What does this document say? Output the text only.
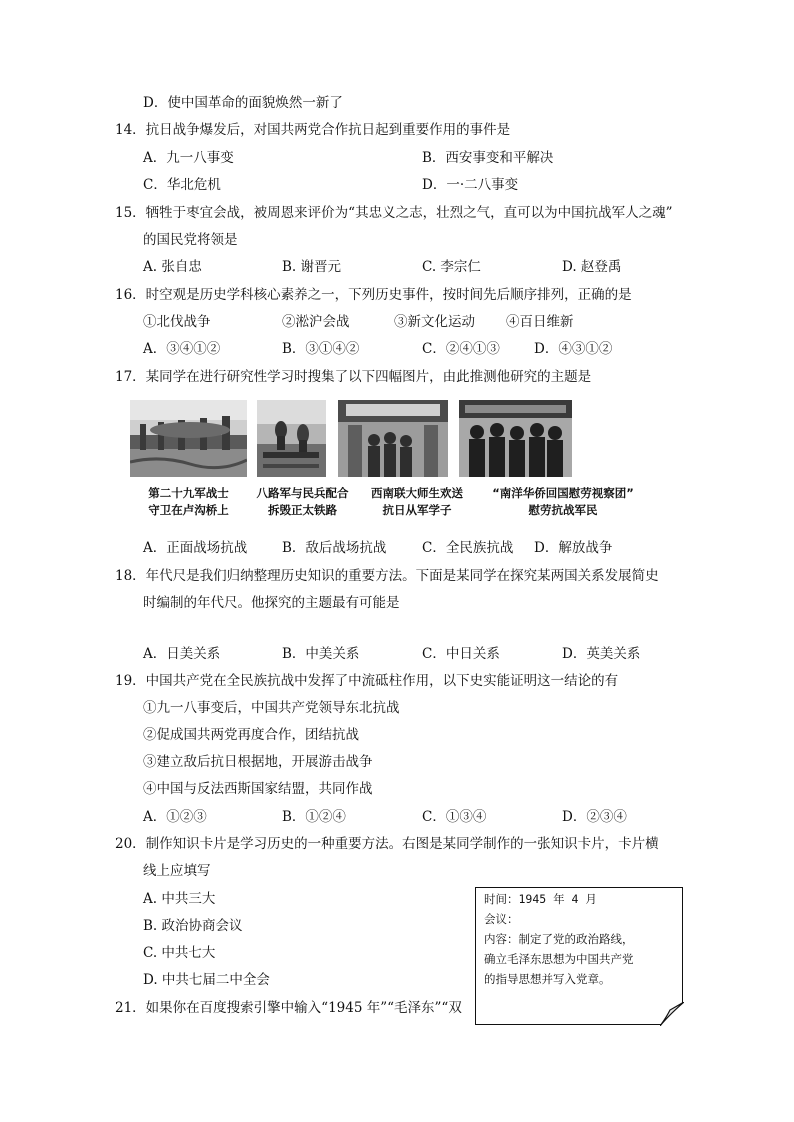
D．使中国革命的面貌焕然一新了
14．抗日战争爆发后，对国共两党合作抗日起到重要作用的事件是
A．九一八事变	B．西安事变和平解决
C．华北危机	D．一·二八事变
15．牺牲于枣宜会战，被周恩来评价为“其忠义之志，壮烈之气，直可以为中国抗战军人之魂”
的国民党将领是
A. 张自忠	B. 谢晋元	C. 李宗仁	D. 赵登禹
16．时空观是历史学科核心素养之一，下列历史事件，按时间先后顺序排列，正确的是
①北伐战争	②淞沪会战	③新文化运动 ④百日维新
A．③④①②	B．③①④②	C．②④①③	D．④③①②
17．某同学在进行研究性学习时搜集了以下四幅图片，由此推测他研究的主题是
第二十九军战士
守卫在卢沟桥上
八路军与民兵配合
拆毁正太铁路
西南联大师生欢送
抗日从军学子
“南洋华侨回国慰劳视察团”
慰劳抗战军民
A．正面战场抗战	B．敌后战场抗战	C．全民族抗战 D．解放战争
18．年代尺是我们归纳整理历史知识的重要方法。下面是某同学在探究某两国关系发展简史
时编制的年代尺。他探究的主题最有可能是
A．日美关系	B．中美关系	C．中日关系	D．英美关系
19．中国共产党在全民族抗战中发挥了中流砥柱作用，以下史实能证明这一结论的有
①九一八事变后，中国共产党领导东北抗战
②促成国共两党再度合作，团结抗战
③建立敌后抗日根据地，开展游击战争
④中国与反法西斯国家结盟，共同作战
A．①②③	B．①②④	C．①③④	D．②③④
20．制作知识卡片是学习历史的一种重要方法。右图是某同学制作的一张知识卡片，卡片横
线上应填写
A. 中共三大
B. 政治协商会议
C. 中共七大
D. 中共七届二中全会
时间：1945 年 4 月
会议：
内容：制定了党的政治路线，
确立毛泽东思想为中国共产党
的指导思想并写入党章。
21．如果你在百度搜索引擎中输入“1945 年”“毛泽东”“双
